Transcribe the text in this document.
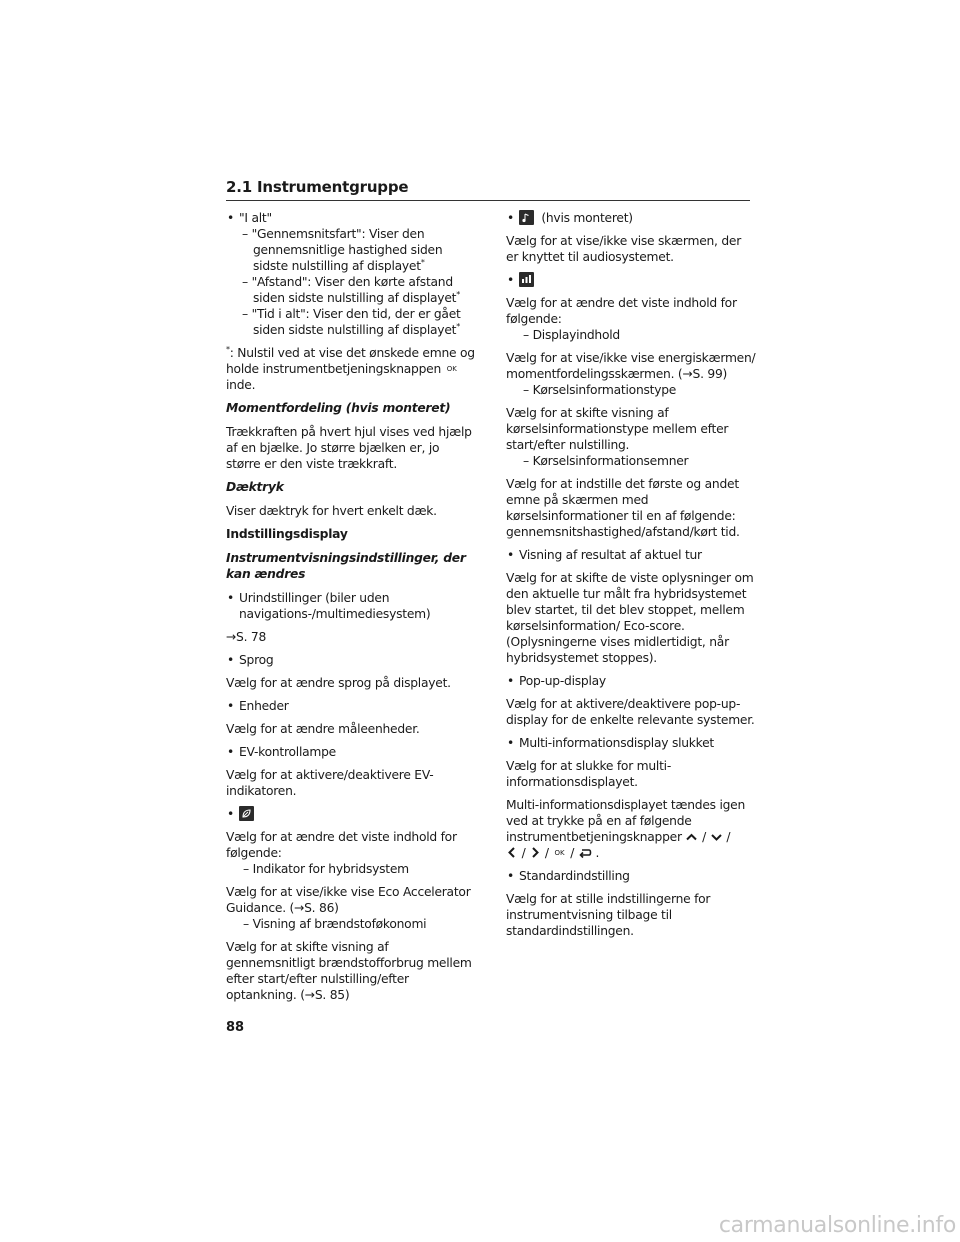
2.1 Instrumentgruppe
• "I alt"
– "Gennemsnitsfart": Viser den gennemsnitlige hastighed siden sidste nulstilling af displayet*
– "Afstand": Viser den kørte afstand siden sidste nulstilling af displayet*
– "Tid i alt": Viser den tid, der er gået siden sidste nulstilling af displayet*

*: Nulstil ved at vise det ønskede emne og holde instrumentbetjeningsknappen OK inde.

Momentfordeling (hvis monteret)

Trækkraften på hvert hjul vises ved hjælp af en bjælke. Jo større bjælken er, jo større er den viste trækkraft.

Dæktryk

Viser dæktryk for hvert enkelt dæk.

Indstillingsdisplay

Instrumentvisningsindstillinger, der kan ændres

• Urindstillinger (biler uden navigations-/multimediesystem)

→S. 78

• Sprog

Vælg for at ændre sprog på displayet.

• Enheder

Vælg for at ændre måleenheder.

• EV-kontrollampe

Vælg for at aktivere/deaktivere EV-indikatoren.

•

Vælg for at ændre det viste indhold for følgende:

– Indikator for hybridsystem

Vælg for at vise/ikke vise Eco Accelerator Guidance. (→S. 86)

– Visning af brændstoføkonomi

Vælg for at skifte visning af gennemsnitligt brændstofforbrug mellem efter start/efter nulstilling/efter optankning. (→S. 85)

• (hvis monteret)

Vælg for at vise/ikke vise skærmen, der er knyttet til audiosystemet.

•

Vælg for at ændre det viste indhold for følgende:

– Displayindhold

Vælg for at vise/ikke vise energiskærmen/ momentfordelingsskærmen. (→S. 99)

– Kørselsinformationstype

Vælg for at skifte visning af kørselsinformationstype mellem efter start/efter nulstilling.

– Kørselsinformationsemner

Vælg for at indstille det første og andet emne på skærmen med kørselsinformationer til en af følgende: gennemsnitshastighed/afstand/kørt tid.

• Visning af resultat af aktuel tur

Vælg for at skifte de viste oplysninger om den aktuelle tur målt fra hybridsystemet blev startet, til det blev stoppet, mellem kørselsinformation/ Eco-score. (Oplysningerne vises midlertidigt, når hybridsystemet stoppes).

• Pop-up-display

Vælg for at aktivere/deaktivere pop-up-display for de enkelte relevante systemer.

• Multi-informationsdisplay slukket

Vælg for at slukke for multi-informationsdisplayet.

Multi-informationsdisplayet tændes igen ved at trykke på en af følgende instrumentbetjeningsknapper / /
/ / OK / .

• Standardindstilling

Vælg for at stille indstillingerne for instrumentvisning tilbage til standardindstillingen.

88
carmanualsonline.info
